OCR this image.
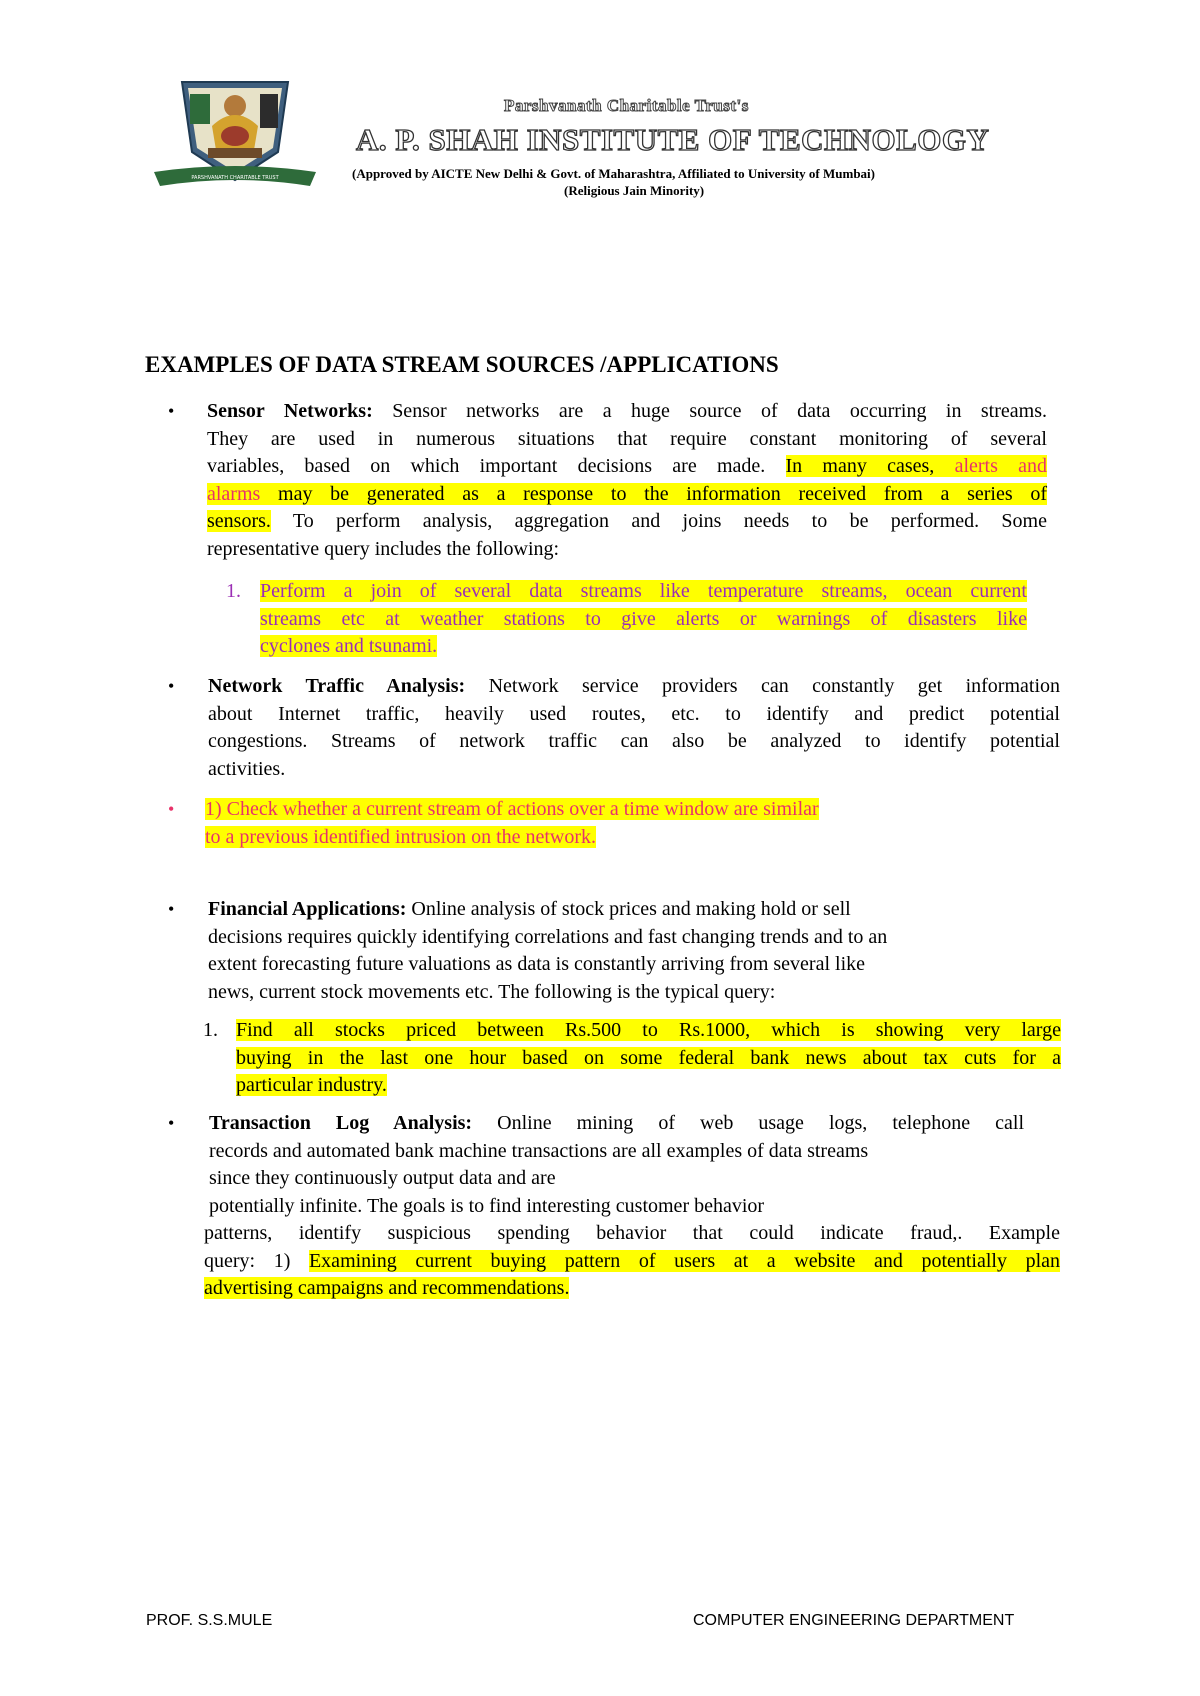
PARSHVANATH CHARITABLE TRUST
Parshvanath Charitable Trust's
A. P. SHAH INSTITUTE OF TECHNOLOGY
(Approved by AICTE New Delhi & Govt. of Maharashtra, Affiliated to University of Mumbai)
(Religious Jain Minority)
EXAMPLES OF DATA STREAM SOURCES /APPLICATIONS
• Sensor Networks: Sensor networks are a huge source of data occurring in streams.

They are used in numerous situations that require constant monitoring of several

variables, based on which important decisions are made. In many cases, alerts and

alarms may be generated as a response to the information received from a series of

sensors. To perform analysis, aggregation and joins needs to be performed. Some

representative query includes the following:

1. Perform a join of several data streams like temperature streams, ocean current

streams etc at weather stations to give alerts or warnings of disasters like

cyclones and tsunami.

• Network Traffic Analysis: Network service providers can constantly get information

about Internet traffic, heavily used routes, etc. to identify and predict potential

congestions. Streams of network traffic can also be analyzed to identify potential

activities.

• 1) Check whether a current stream of actions over a time window are similar

to a previous identified intrusion on the network.

• Financial Applications: Online analysis of stock prices and making hold or sell

decisions requires quickly identifying correlations and fast changing trends and to an

extent forecasting future valuations as data is constantly arriving from several like

news, current stock movements etc. The following is the typical query:

1. Find all stocks priced between Rs.500 to Rs.1000, which is showing very large

buying in the last one hour based on some federal bank news about tax cuts for a

particular industry.

• Transaction Log Analysis: Online mining of web usage logs, telephone call

records and automated bank machine transactions are all examples of data streams

since they continuously output data and are

potentially infinite. The goals is to find interesting customer behavior

patterns, identify suspicious spending behavior that could indicate fraud,. Example

query: 1) Examining current buying pattern of users at a website and potentially plan

advertising campaigns and recommendations.

PROF. S.S.MULE	COMPUTER ENGINEERING DEPARTMENT
